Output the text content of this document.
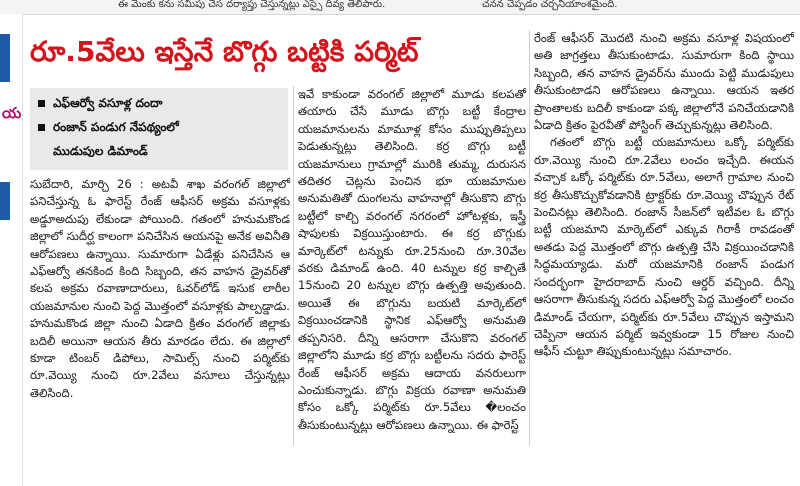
ఈ మెంకు కను సమీపు చెస దర్యాప్తు చేస్తున్నట్లు ఎస్సై దివ్య తెలిపారు.	చనన చెప్పడం చర్చనీయాంశమైంది.
య
రూ.5వేలు ఇస్తేనే బొగ్గు బట్టికి పర్మిట్
ఎఫ్‌ఆర్వో వసూళ్ల దందా
రంజాన్ పండుగ నేపథ్యంలో
ముడుపుల డిమాండ్

సుబేదారి, మార్చి 26 : అటవీ శాఖ వరంగల్ జిల్లాలో పనిచేస్తున్న ఓ ఫారెస్ట్ రేంజ్ ఆఫీసర్ అక్రమ వసూళ్లకు అడ్డూఅదుపు లేకుండా పోయింది. గతంలో హనుమకొండ జిల్లాలో సుదీర్ఘ కాలంగా పనిచేసిన ఆయనపై అనేక అవినీతి ఆరోపణలు ఉన్నాయి. సుమారుగా ఏడేళ్లు పనిచేసిన ఆ ఎఫ్‌ఆర్వో తనకింద కింది సిబ్బంది, తన వాహన డ్రైవర్‌తో కలప అక్రమ రవాణాదారులు, ఓవర్‌లోడ్ ఇసుక లారీల యజమానుల నుంచి పెద్ద మొత్తంలో వసూళ్లకు పాల్పడ్డాడు. హనుమకొండ జిల్లా నుంచి ఏడాది క్రితం వరంగల్ జిల్లాకు బదిలీ అయినా ఆయన తీరు మారడం లేదు. ఈ జిల్లాలో కూడా టింబర్ డిపోలు, సామిల్స్ నుంచి పర్మిట్‌కు రూ.వెయ్యి నుంచి రూ.2వేలు వసూలు చేస్తున్నట్లు తెలిసింది.

ఇవే కాకుండా వరంగల్ జిల్లాలో మూడు కలపతో తయారు చేసే మూడు బొగ్గు బట్టీ కేంద్రాల యజమానులను మామూళ్ల కోసం ముప్పుతిప్పలు పెడుతున్నట్లు తెలిసింది. కర్ర బొగ్గు బట్టీ యజమానులు గ్రామాల్లో మురికి తుమ్మ, దురుసన తదితర చెట్లను పెంచిన భూ యజమానుల అనుమతితో దుంగలను వాహనాల్లో తీసుకొని బొగ్గు బట్టీలో కాల్చి వరంగల్ నగరంలో హోటళ్లకు, ఇస్త్రీ షాపులకు విక్రయిస్తుంటారు. ఈ కర్ర బొగ్గుకు మార్కెట్‌లో టన్నుకు రూ.25నుంచి రూ.30వేల వరకు డిమాండ్ ఉంది. 40 టన్నుల కర్ర కాల్చితే 15నుంచి 20 టన్నుల బొగ్గు ఉత్పత్తి అవుతుంది. అయితే ఈ బొగ్గును బయటి మార్కెట్‌లో విక్రయించడానికి స్థానిక ఎఫ్‌ఆర్వో అనుమతి తప్పనిసరి. దీన్ని ఆసరాగా చేసుకొని వరంగల్ జిల్లాలోని మూడు కర్ర బొగ్గు బట్టీలను సదరు ఫారెస్ట్ రేంజ్ ఆఫీసర్ అక్రమ ఆదాయ వనరులుగా ఎంచుకున్నాడు. బొగ్గు విక్రయ రవాణా అనుమతి కోసం ఒక్కో పర్మిట్‌కు రూ.5వేలు �లంచం తీసుకుంటున్నట్లు ఆరోపణలు ఉన్నాయి. ఈ ఫారెస్ట్

రేంజ్ ఆఫీసర్ మొదటి నుంచి అక్రమ వసూళ్ల విషయంలో అతి జాగ్రత్తలు తీసుకుంటాడు. సుమారుగా కింది స్థాయి సిబ్బంది, తన వాహన డ్రైవర్‌ను ముందు పెట్టి ముడుపులు తీసుకుంటాడని ఆరోపణలు ఉన్నాయి. ఆయన ఇతర ప్రాంతాలకు బదిలీ కాకుండా పక్క జిల్లాలోనే పనిచేయడానికి ఏడాది క్రితం పైరవీతో పోస్టింగ్ తెచ్చుకున్నట్లు తెలిసింది.

గతంలో బొగ్గు బట్టీ యజమానులు ఒక్కో పర్మిట్‌కు రూ.వెయ్యి నుంచి రూ.2వేలు లంచం ఇచ్చేది. ఈయన వచ్చాక ఒక్కో పర్మిట్‌కు రూ.5వేలు, అలాగే గ్రామాల నుంచి కర్ర తీసుకొచ్చుకోవడానికి ట్రాక్టర్‌కు రూ.వెయ్యి చొప్పున రేట్ పెంచినట్లు తెలిసింది. రంజాన్ సీజన్‌లో ఇటీవల ఓ బొగ్గు బట్టీ యజమాని మార్కెట్‌లో ఎక్కువ గిరాకీ రావడంతో అతడు పెద్ద మొత్తంలో బొగ్గు ఉత్పత్తి చేసి విక్రయించడానికి సిద్ధమయ్యాడు. మరో యజమానికి రంజాన్ పండుగ సందర్భంగా హైదరాబాద్ నుంచి ఆర్డర్ వచ్చింది. దీన్ని ఆసరాగా తీసుకున్న సదరు ఎఫ్‌ఆర్వో పెద్ద మొత్తంలో లంచం డిమాండ్ చేయగా, పర్మిట్‌కు రూ.5వేలు చొప్పున ఇస్తామని చెప్పినా ఆయన పర్మిట్ ఇవ్వకుండా 15 రోజుల నుంచి ఆఫీస్ చుట్టూ తిప్పుకుంటున్నట్లు సమాచారం.
